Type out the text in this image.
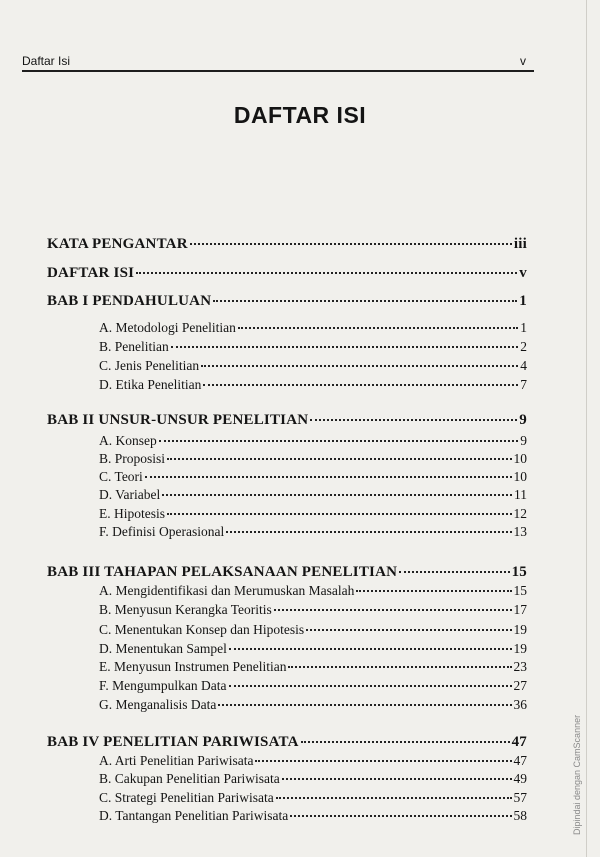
Daftar Isi	v
DAFTAR ISI
KATA PENGANTAR	iii
DAFTAR ISI	v
BAB I PENDAHULUAN	1
A. Metodologi Penelitian	1
B. Penelitian	2
C. Jenis Penelitian	4
D. Etika Penelitian	7
BAB II UNSUR-UNSUR PENELITIAN	9
A. Konsep	9
B. Proposisi	10
C. Teori	10
D. Variabel	11
E. Hipotesis	12
F. Definisi Operasional	13
BAB III TAHAPAN PELAKSANAAN PENELITIAN	15
A. Mengidentifikasi dan Merumuskan Masalah	15
B. Menyusun Kerangka Teoritis	17
C. Menentukan Konsep dan Hipotesis	19
D. Menentukan Sampel	19
E. Menyusun Instrumen Penelitian	23
F. Mengumpulkan Data	27
G. Menganalisis Data	36
BAB IV PENELITIAN PARIWISATA	47
A. Arti Penelitian Pariwisata	47
B. Cakupan Penelitian Pariwisata	49
C. Strategi Penelitian Pariwisata	57
D. Tantangan Penelitian Pariwisata	58	Dipindai dengan CamScanner
